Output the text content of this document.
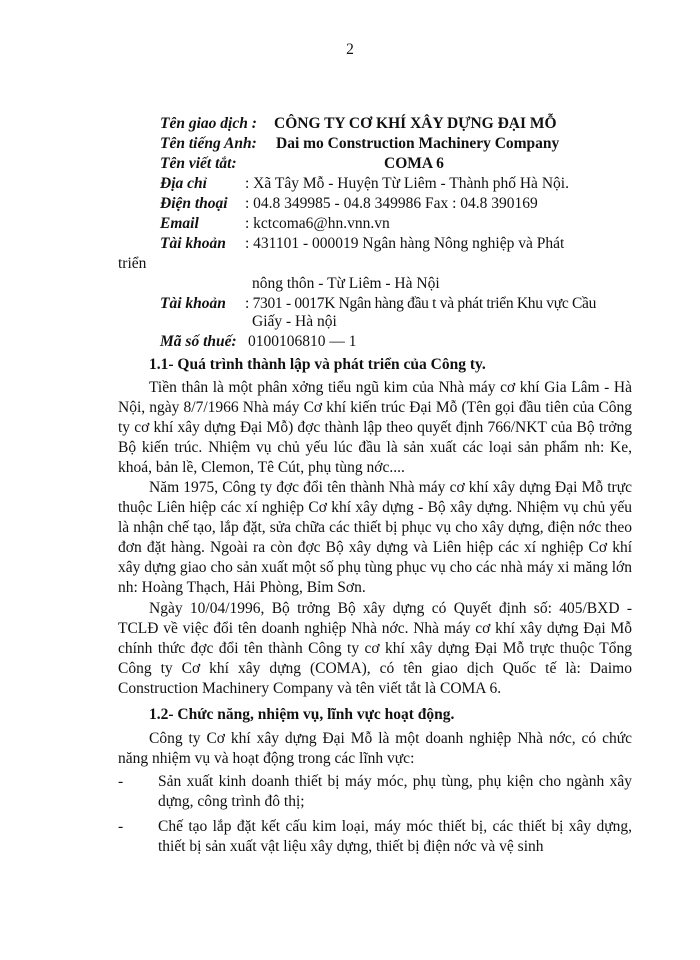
2
Tên giao dịch : CÔNG TY CƠ KHÍ XÂY DỰNG ĐẠI MỖ
Tên tiếng Anh: Dai mo Construction Machinery Company
Tên viết tắt:	COMA 6
Địa chỉ : Xã Tây Mỗ - Huyện Từ Liêm - Thành phố Hà Nội.
Điện thoại : 04.8 349985 - 04.8 349986 Fax : 04.8 390169
Email	: kctcoma6@hn.vnn.vn
Tài khoản : 431101 - 000019 Ngân hàng Nông nghiệp và Phát
triển
nông thôn - Từ Liêm - Hà Nội
Tài khoản : 7301 - 0017K Ngân hàng đầu t và phát triển Khu vực Cầu
Giấy - Hà nội
Mã số thuế: 0100106810 — 1
1.1- Quá trình thành lập và phát triển của Công ty.
Tiền thân là một phân xởng tiểu ngũ kim của Nhà máy cơ khí Gia Lâm - Hà Nội, ngày 8/7/1966 Nhà máy Cơ khí kiến trúc Đại Mỗ (Tên gọi đầu tiên của Công ty cơ khí xây dựng Đại Mỗ) đợc thành lập theo quyết định 766/NKT của Bộ trởng Bộ kiến trúc. Nhiệm vụ chủ yếu lúc đầu là sản xuất các loại sản phẩm nh: Ke, khoá, bản lề, Clemon, Tê Cút, phụ tùng nớc....
Năm 1975, Công ty đợc đổi tên thành Nhà máy cơ khí xây dựng Đại Mỗ trực thuộc Liên hiệp các xí nghiệp Cơ khí xây dựng - Bộ xây dựng. Nhiệm vụ chủ yếu là nhận chế tạo, lắp đặt, sửa chữa các thiết bị phục vụ cho xây dựng, điện nớc theo đơn đặt hàng. Ngoài ra còn đợc Bộ xây dựng và Liên hiệp các xí nghiệp Cơ khí xây dựng giao cho sản xuất một số phụ tùng phục vụ cho các nhà máy xi măng lớn nh: Hoàng Thạch, Hải Phòng, Bỉm Sơn.
Ngày 10/04/1996, Bộ trởng Bộ xây dựng có Quyết định số: 405/BXD - TCLĐ về việc đổi tên doanh nghiệp Nhà nớc. Nhà máy cơ khí xây dựng Đại Mỗ chính thức đợc đổi tên thành Công ty cơ khí xây dựng Đại Mỗ trực thuộc Tổng Công ty Cơ khí xây dựng (COMA), có tên giao dịch Quốc tế là: Daimo Construction Machinery Company và tên viết tắt là COMA 6.
1.2- Chức năng, nhiệm vụ, lĩnh vực hoạt động.
Công ty Cơ khí xây dựng Đại Mỗ là một doanh nghiệp Nhà nớc, có chức năng nhiệm vụ và hoạt động trong các lĩnh vực:
- Sản xuất kinh doanh thiết bị máy móc, phụ tùng, phụ kiện cho ngành xây dựng, công trình đô thị;
- Chế tạo lắp đặt kết cấu kim loại, máy móc thiết bị, các thiết bị xây dựng, thiết bị sản xuất vật liệu xây dựng, thiết bị điện nớc và vệ sinh
